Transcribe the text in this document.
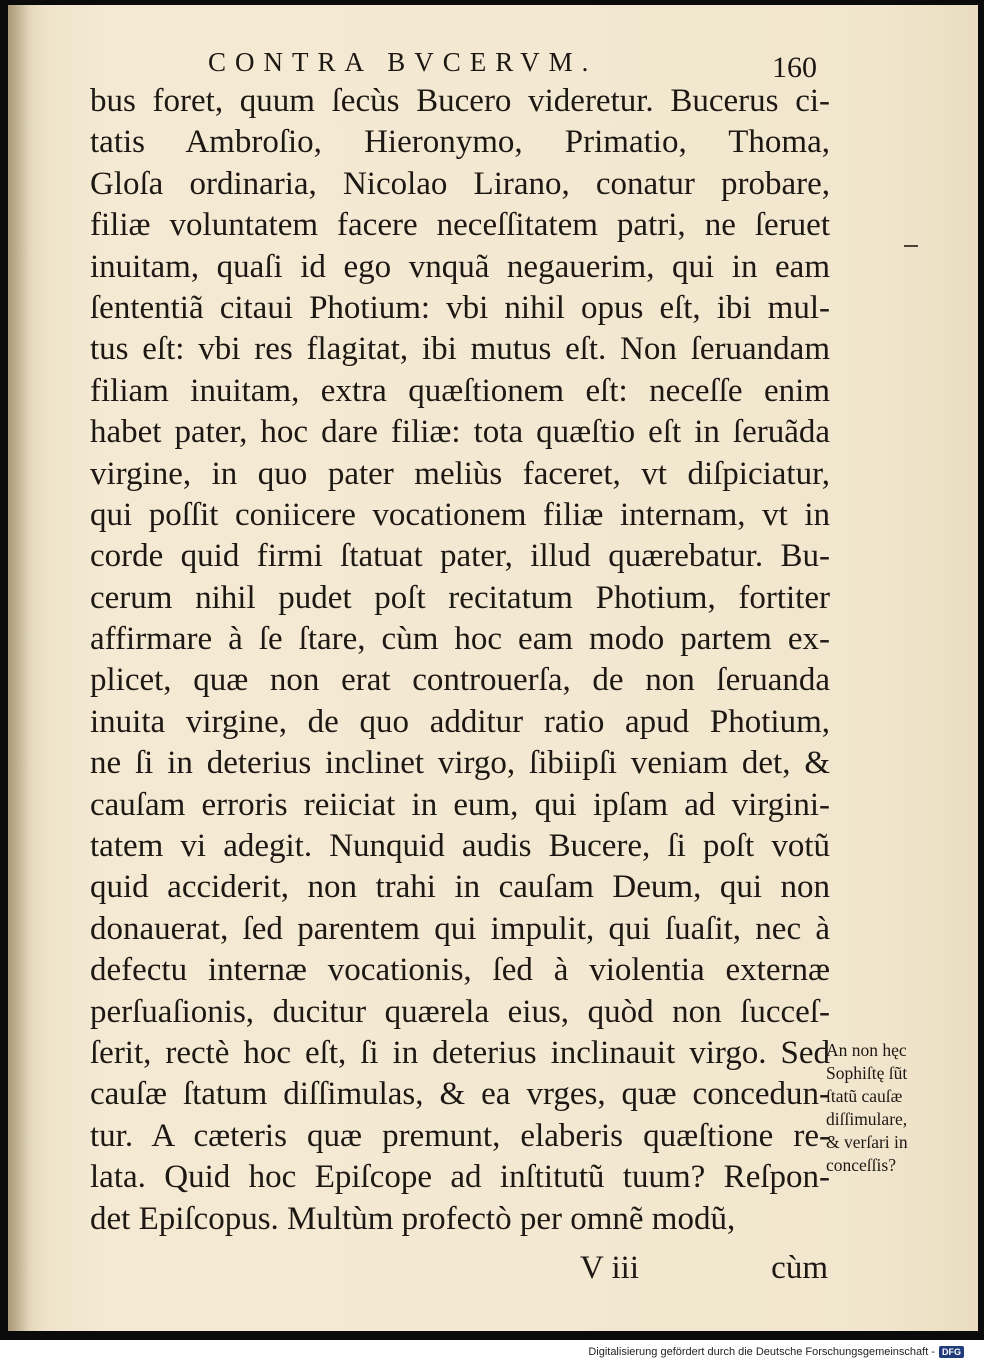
CONTRA BVCERVM.	160
bus foret, quum ſecùs Bucero videretur. Bucerus ci-
tatis Ambroſio, Hieronymo, Primatio, Thoma,
Gloſa ordinaria, Nicolao Lirano, conatur probare,
filiæ voluntatem facere neceſſitatem patri, ne ſeruet
inuitam, quaſi id ego vnquã negauerim, qui in eam
ſententiã citaui Photium: vbi nihil opus eſt, ibi mul-
tus eſt: vbi res flagitat, ibi mutus eſt. Non ſeruandam
filiam inuitam, extra quæſtionem eſt: neceſſe enim
habet pater, hoc dare filiæ: tota quæſtio eſt in ſeruãda
virgine, in quo pater meliùs faceret, vt diſpiciatur,
qui poſſit coniicere vocationem filiæ internam, vt in
corde quid firmi ſtatuat pater, illud quærebatur. Bu-
cerum nihil pudet poſt recitatum Photium, fortiter
affirmare à ſe ſtare, cùm hoc eam modo partem ex-
plicet, quæ non erat controuerſa, de non ſeruanda
inuita virgine, de quo additur ratio apud Photium,
ne ſi in deterius inclinet virgo, ſibiipſi veniam det, &
cauſam erroris reiiciat in eum, qui ipſam ad virgini-
tatem vi adegit. Nunquid audis Bucere, ſi poſt votũ
quid acciderit, non trahi in cauſam Deum, qui non
donauerat, ſed parentem qui impulit, qui ſuaſit, nec à
defectu internæ vocationis, ſed à violentia externæ
perſuaſionis, ducitur quærela eius, quòd non ſucceſ-
ſerit, rectè hoc eſt, ſi in deterius inclinauit virgo. Sed
cauſæ ſtatum diſſimulas, & ea vrges, quæ concedun-
tur. A cæteris quæ premunt, elaberis quæſtione re-
lata. Quid hoc Epiſcope ad inſtitutũ tuum? Reſpon-
det Epiſcopus. Multùm profectò per omnẽ modũ,
V iii	cùm
An non hęc
Sophiſtę ſũt
ſtatũ cauſæ
diſſimulare,
& verſari in
conceſſis?
Digitalisierung gefördert durch die Deutsche Forschungsgemeinschaft - DFG
